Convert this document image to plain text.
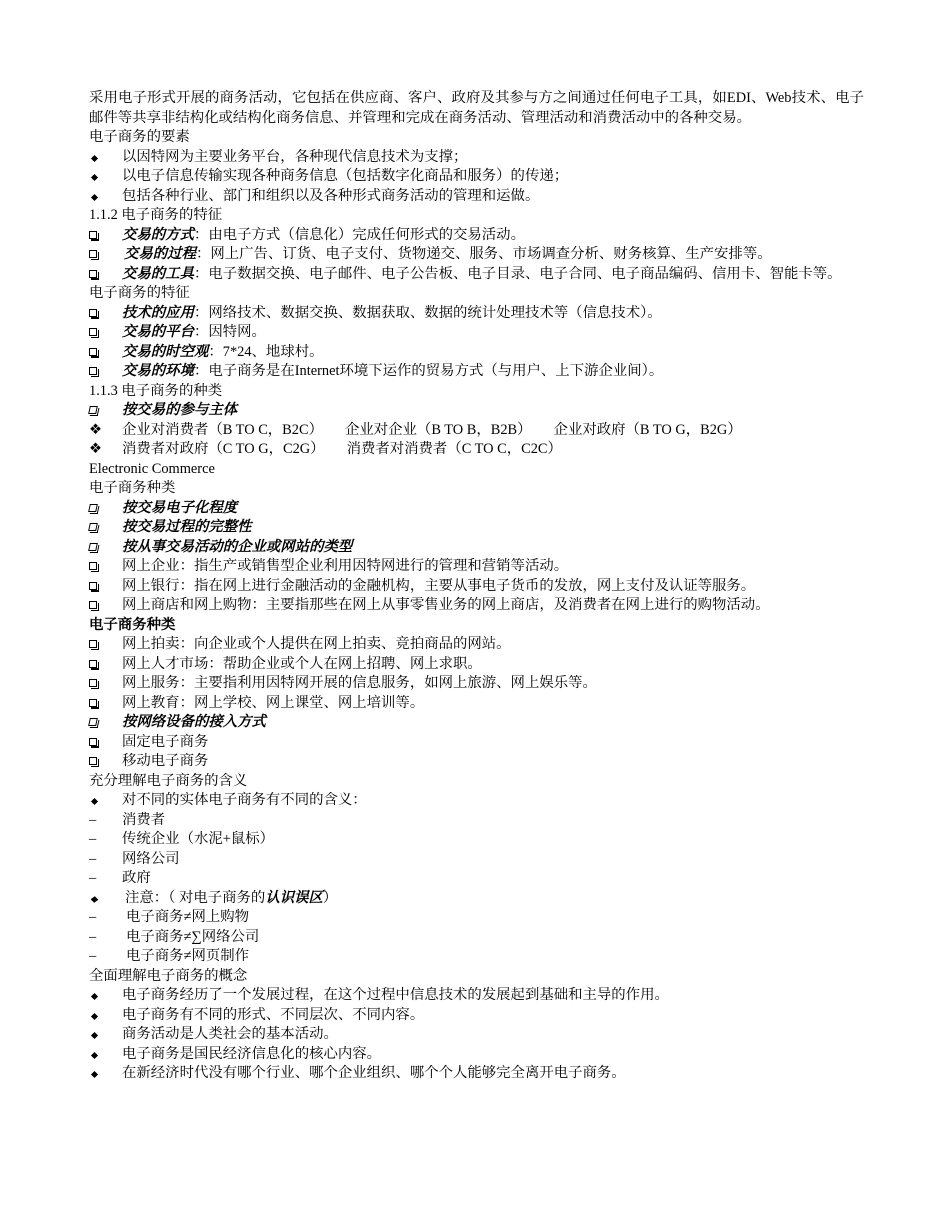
采用电子形式开展的商务活动，它包括在供应商、客户、政府及其参与方之间通过任何电子工具，如EDI、Web技术、电子邮件等共享非结构化或结构化商务信息、并管理和完成在商务活动、管理活动和消费活动中的各种交易。

电子商务的要素

以因特网为主要业务平台，各种现代信息技术为支撑；
以电子信息传输实现各种商务信息（包括数字化商品和服务）的传递；
包括各种行业、部门和组织以及各种形式商务活动的管理和运做。

1.1.2 电子商务的特征

交易的方式：由电子方式（信息化）完成任何形式的交易活动。
交易的过程：网上广告、订货、电子支付、货物递交、服务、市场调查分析、财务核算、生产安排等。
交易的工具：电子数据交换、电子邮件、电子公告板、电子目录、电子合同、电子商品编码、信用卡、智能卡等。

电子商务的特征

技术的应用：网络技术、数据交换、数据获取、数据的统计处理技术等（信息技术）。
交易的平台：因特网。
交易的时空观：7*24、地球村。
交易的环境：电子商务是在Internet环境下运作的贸易方式（与用户、上下游企业间）。

1.1.3 电子商务的种类

按交易的参与主体
❖	企业对消费者（B TO C，B2C） 企业对企业（B TO B，B2B） 企业对政府（B TO G，B2G）
❖	消费者对政府（C TO G，C2G） 消费者对消费者（C TO C，C2C）

Electronic Commerce

电子商务种类

按交易电子化程度
按交易过程的完整性
按从事交易活动的企业或网站的类型
网上企业：指生产或销售型企业利用因特网进行的管理和营销等活动。
网上银行：指在网上进行金融活动的金融机构，主要从事电子货币的发放，网上支付及认证等服务。
网上商店和网上购物：主要指那些在网上从事零售业务的网上商店，及消费者在网上进行的购物活动。

电子商务种类

网上拍卖：向企业或个人提供在网上拍卖、竞拍商品的网站。
网上人才市场：帮助企业或个人在网上招聘、网上求职。
网上服务：主要指利用因特网开展的信息服务，如网上旅游、网上娱乐等。
网上教育：网上学校、网上课堂、网上培训等。
按网络设备的接入方式
固定电子商务
移动电子商务

充分理解电子商务的含义

对不同的实体电子商务有不同的含义：
–	消费者
–	传统企业（水泥+鼠标）
–	网络公司
–	政府
注意：（ 对电子商务的认识误区）
–	电子商务≠网上购物
–	电子商务≠∑网络公司
–	电子商务≠网页制作

全面理解电子商务的概念

电子商务经历了一个发展过程，在这个过程中信息技术的发展起到基础和主导的作用。
电子商务有不同的形式、不同层次、不同内容。
商务活动是人类社会的基本活动。
电子商务是国民经济信息化的核心内容。
在新经济时代没有哪个行业、哪个企业组织、哪个个人能够完全离开电子商务。
